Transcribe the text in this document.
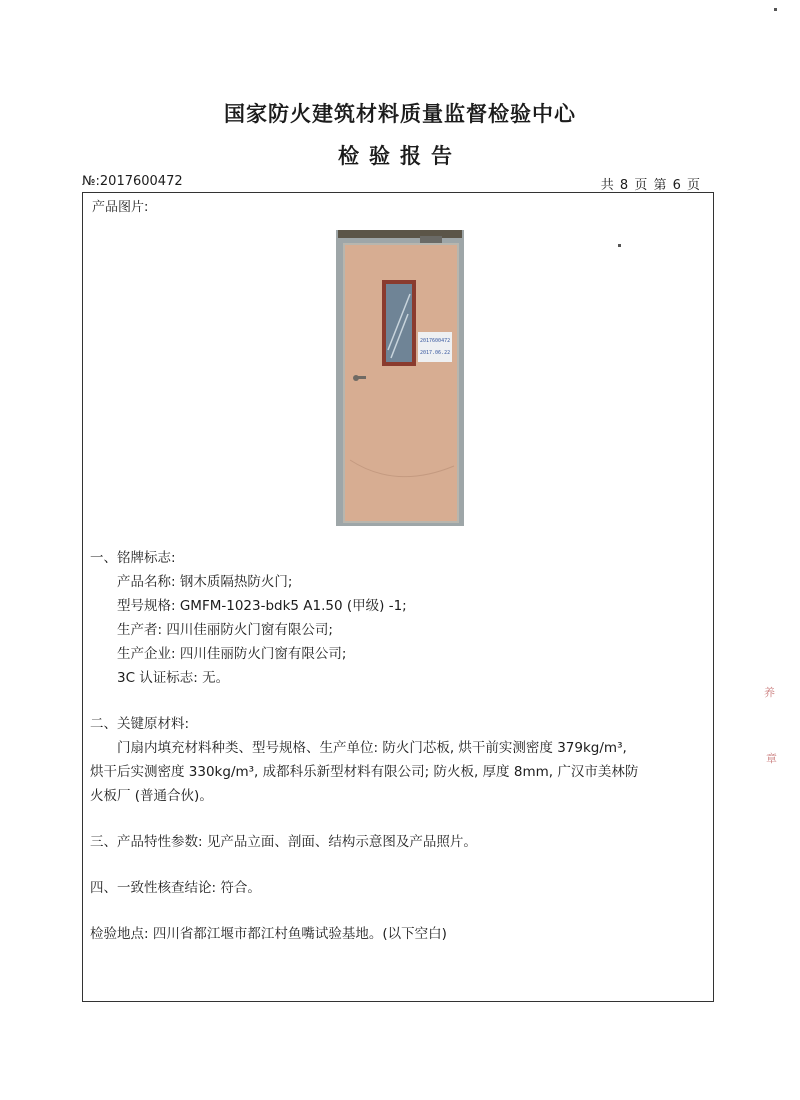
国家防火建筑材料质量监督检验中心
检验报告
№:2017600472	共 8 页 第 6 页
产品图片:
2017600472
2017.06.22
一、铭牌标志:
产品名称: 钢木质隔热防火门;
型号规格: GMFM-1023-bdk5 A1.50 (甲级) -1;
生产者: 四川佳丽防火门窗有限公司;
生产企业: 四川佳丽防火门窗有限公司;
3C 认证标志: 无。
二、关键原材料:
门扇内填充材料种类、型号规格、生产单位: 防火门芯板, 烘干前实测密度 379kg/m³,
烘干后实测密度 330kg/m³, 成都科乐新型材料有限公司; 防火板, 厚度 8mm, 广汉市美林防
火板厂 (普通合伙)。
三、产品特性参数: 见产品立面、剖面、结构示意图及产品照片。
四、一致性核查结论: 符合。
检验地点: 四川省都江堰市都江村鱼嘴试验基地。(以下空白)
养
章
